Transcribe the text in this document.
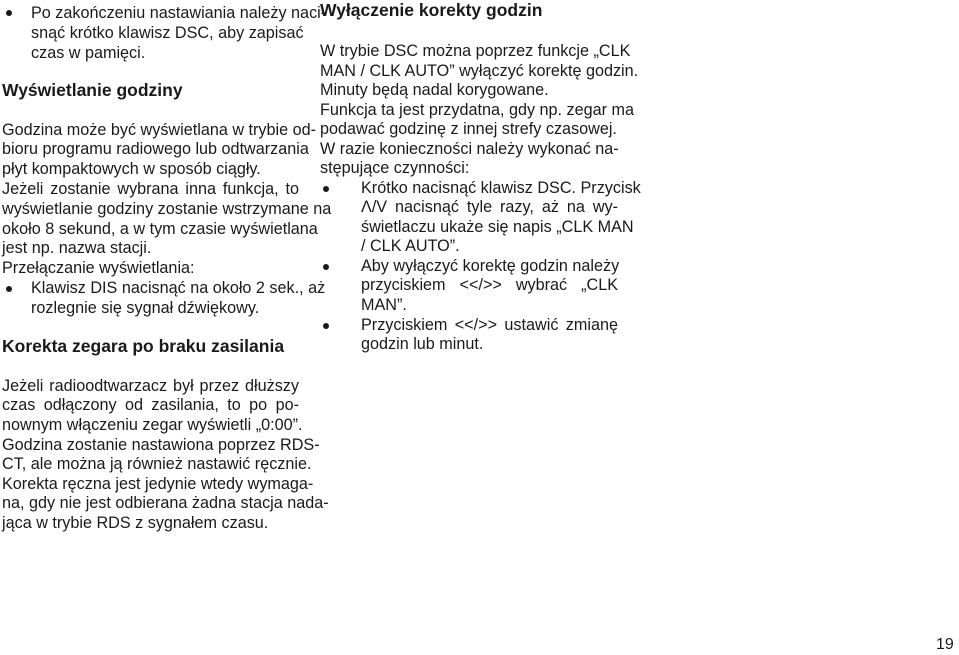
Po zakończeniu nastawiania należy naci-
snąć krótko klawisz DSC, aby zapisać
czas w pamięci.
Wyświetlanie godziny
Godzina może być wyświetlana w trybie od-
bioru programu radiowego lub odtwarzania
płyt kompaktowych w sposób ciągły.
Jeżeli zostanie wybrana inna funkcja, to
wyświetlanie godziny zostanie wstrzymane na
około 8 sekund, a w tym czasie wyświetlana
jest np. nazwa stacji.
Przełączanie wyświetlania:
Klawisz DIS nacisnąć na około 2 sek., aż
rozlegnie się sygnał dźwiękowy.
Korekta zegara po braku zasilania
Jeżeli radioodtwarzacz był przez dłuższy
czas odłączony od zasilania, to po po-
nownym włączeniu zegar wyświetli „0:00”.
Godzina zostanie nastawiona poprzez RDS-
CT, ale można ją również nastawić ręcznie.
Korekta ręczna jest jedynie wtedy wymaga-
na, gdy nie jest odbierana żadna stacja nada-
jąca w trybie RDS z sygnałem czasu.
Wyłączenie korekty godzin
W trybie DSC można poprzez funkcje „CLK
MAN / CLK AUTO” wyłączyć korektę godzin.
Minuty będą nadal korygowane.
Funkcja ta jest przydatna, gdy np. zegar ma
podawać godzinę z innej strefy czasowej.
W razie konieczności należy wykonać na-
stępujące czynności:
Krótko nacisnąć klawisz DSC. Przycisk
Λ/V nacisnąć tyle razy, aż na wy-
świetlaczu ukaże się napis „CLK MAN
/ CLK AUTO”.
Aby wyłączyć korektę godzin należy
przyciskiem <</>> wybrać „CLK
MAN”.
Przyciskiem <</>> ustawić zmianę
godzin lub minut.
19
